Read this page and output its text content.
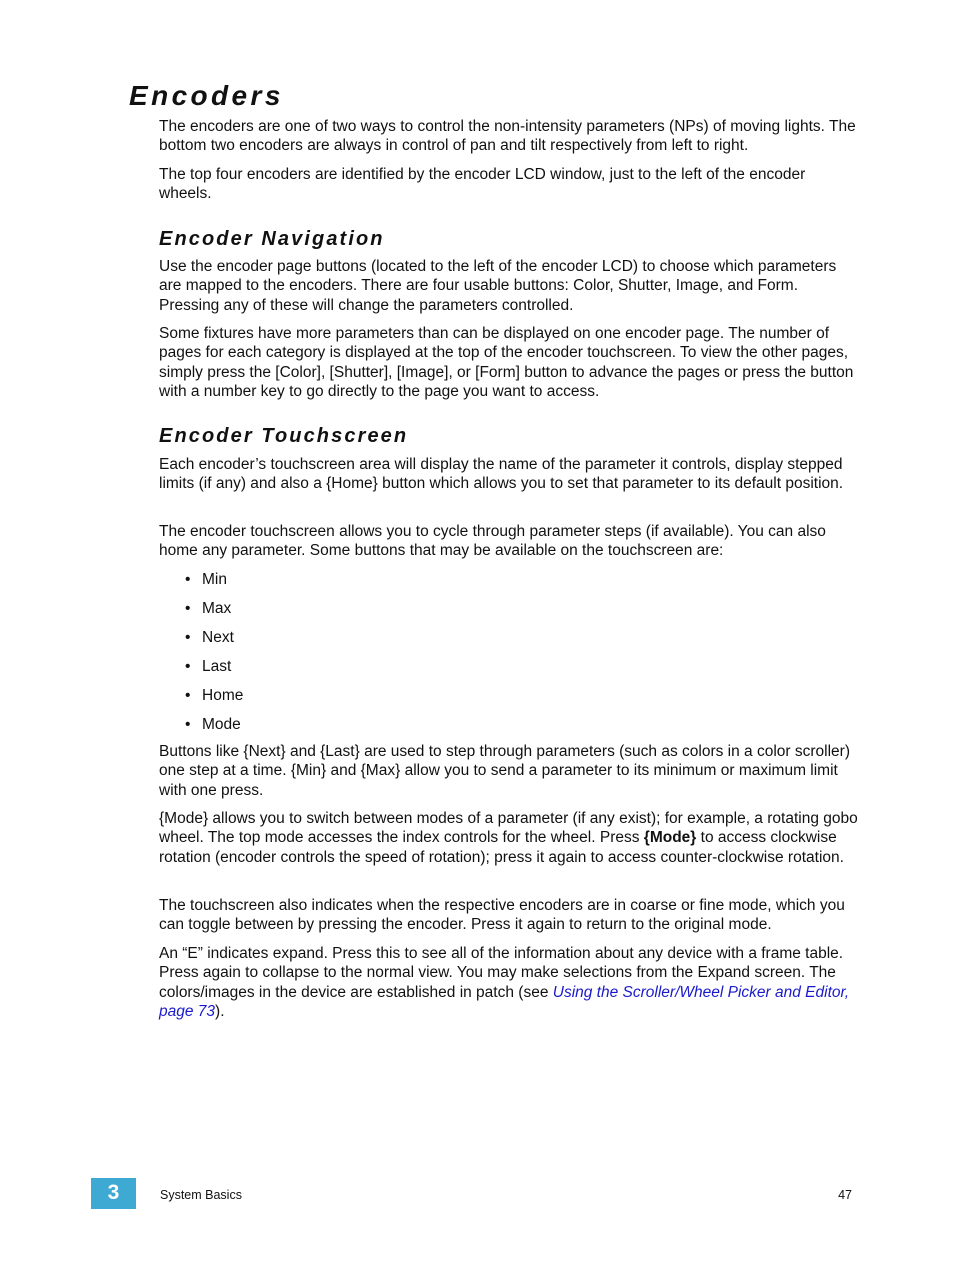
Encoders

The encoders are one of two ways to control the non-intensity parameters (NPs) of moving lights. The bottom two encoders are always in control of pan and tilt respectively from left to right.

The top four encoders are identified by the encoder LCD window, just to the left of the encoder wheels.

Encoder Navigation

Use the encoder page buttons (located to the left of the encoder LCD) to choose which parameters are mapped to the encoders. There are four usable buttons: Color, Shutter, Image, and Form. Pressing any of these will change the parameters controlled.

Some fixtures have more parameters than can be displayed on one encoder page. The number of pages for each category is displayed at the top of the encoder touchscreen. To view the other pages, simply press the [Color], [Shutter], [Image], or [Form] button to advance the pages or press the button with a number key to go directly to the page you want to access.

Encoder Touchscreen

Each encoder’s touchscreen area will display the name of the parameter it controls, display stepped limits (if any) and also a {Home} button which allows you to set that parameter to its default position.

The encoder touchscreen allows you to cycle through parameter steps (if available). You can also home any parameter. Some buttons that may be available on the touchscreen are:

• Min

• Max

• Next

• Last

• Home

• Mode

Buttons like {Next} and {Last} are used to step through parameters (such as colors in a color scroller) one step at a time. {Min} and {Max} allow you to send a parameter to its minimum or maximum limit with one press.

{Mode} allows you to switch between modes of a parameter (if any exist); for example, a rotating gobo wheel. The top mode accesses the index controls for the wheel. Press {Mode} to access clockwise rotation (encoder controls the speed of rotation); press it again to access counter-clockwise rotation.

The touchscreen also indicates when the respective encoders are in coarse or fine mode, which you can toggle between by pressing the encoder. Press it again to return to the original mode.

An “E” indicates expand. Press this to see all of the information about any device with a frame table. Press again to collapse to the normal view. You may make selections from the Expand screen. The colors/images in the device are established in patch (see Using the Scroller/Wheel Picker and Editor, page 73).

3	System Basics	47
